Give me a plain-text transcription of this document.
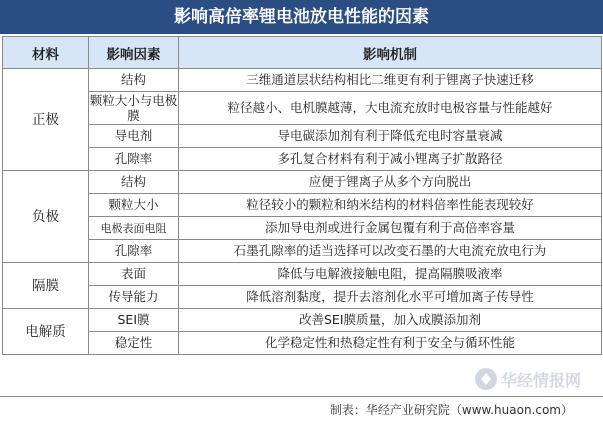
影响高倍率锂电池放电性能的因素
材料	影响因素	影响机制
正极	结构	三维通道层状结构相比二维更有利于锂离子快速迁移
	颗粒大小与电极膜	粒径越小、电机膜越薄，大电流充放时电极容量与性能越好
	导电剂	导电碳添加剂有利于降低充电时容量衰减
	孔隙率	多孔复合材料有利于减小锂离子扩散路径
负极	结构	应便于锂离子从多个方向脱出
	颗粒大小	粒径较小的颗粒和纳米结构的材料倍率性能表现较好
	电极表面电阻	添加导电剂或进行金属包覆有利于高倍率容量
	孔隙率	石墨孔隙率的适当选择可以改变石墨的大电流充放电行为
隔膜	表面	降低与电解液接触电阻，提高隔膜吸液率
	传导能力	降低溶剂黏度，提升去溶剂化水平可增加离子传导性
电解质	SEI膜	改善SEI膜质量，加入成膜添加剂
	稳定性	化学稳定性和热稳定性有利于安全与循环性能
华经情报网
制表：华经产业研究院（www.huaon.com）
